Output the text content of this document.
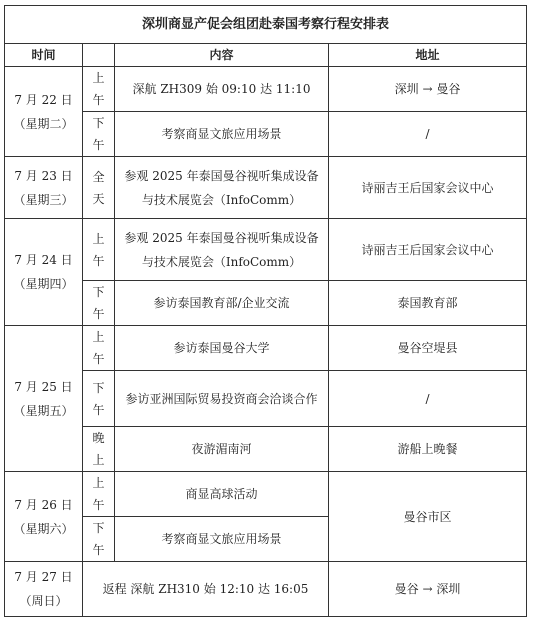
深圳商显产促会组团赴泰国考察行程安排表			
时间		内容	地址

7 月 22 日
（星期二）	上午	深航 ZH309 始 09:10 达 11:10	深圳 → 曼谷
	下午	考察商显文旅应用场景	/

7 月 23 日
（星期三）	全天	参观 2025 年泰国曼谷视听集成设备与技术展览会（InfoComm）	诗丽吉王后国家会议中心

7 月 24 日
（星期四）	上午	参观 2025 年泰国曼谷视听集成设备与技术展览会（InfoComm）	诗丽吉王后国家会议中心
	下午	参访泰国教育部/企业交流	泰国教育部

7 月 25 日
（星期五）	上午	参访泰国曼谷大学	曼谷空堤县
	下午	参访亚洲国际贸易投资商会洽谈合作	/
	晚上	夜游湄南河	游船上晚餐

7 月 26 日
（星期六）	上午	商显高球活动	曼谷市区
	下午	考察商显文旅应用场景	

7 月 27 日
（周日）	返程 深航 ZH310 始 12:10 达 16:05		曼谷 → 深圳
